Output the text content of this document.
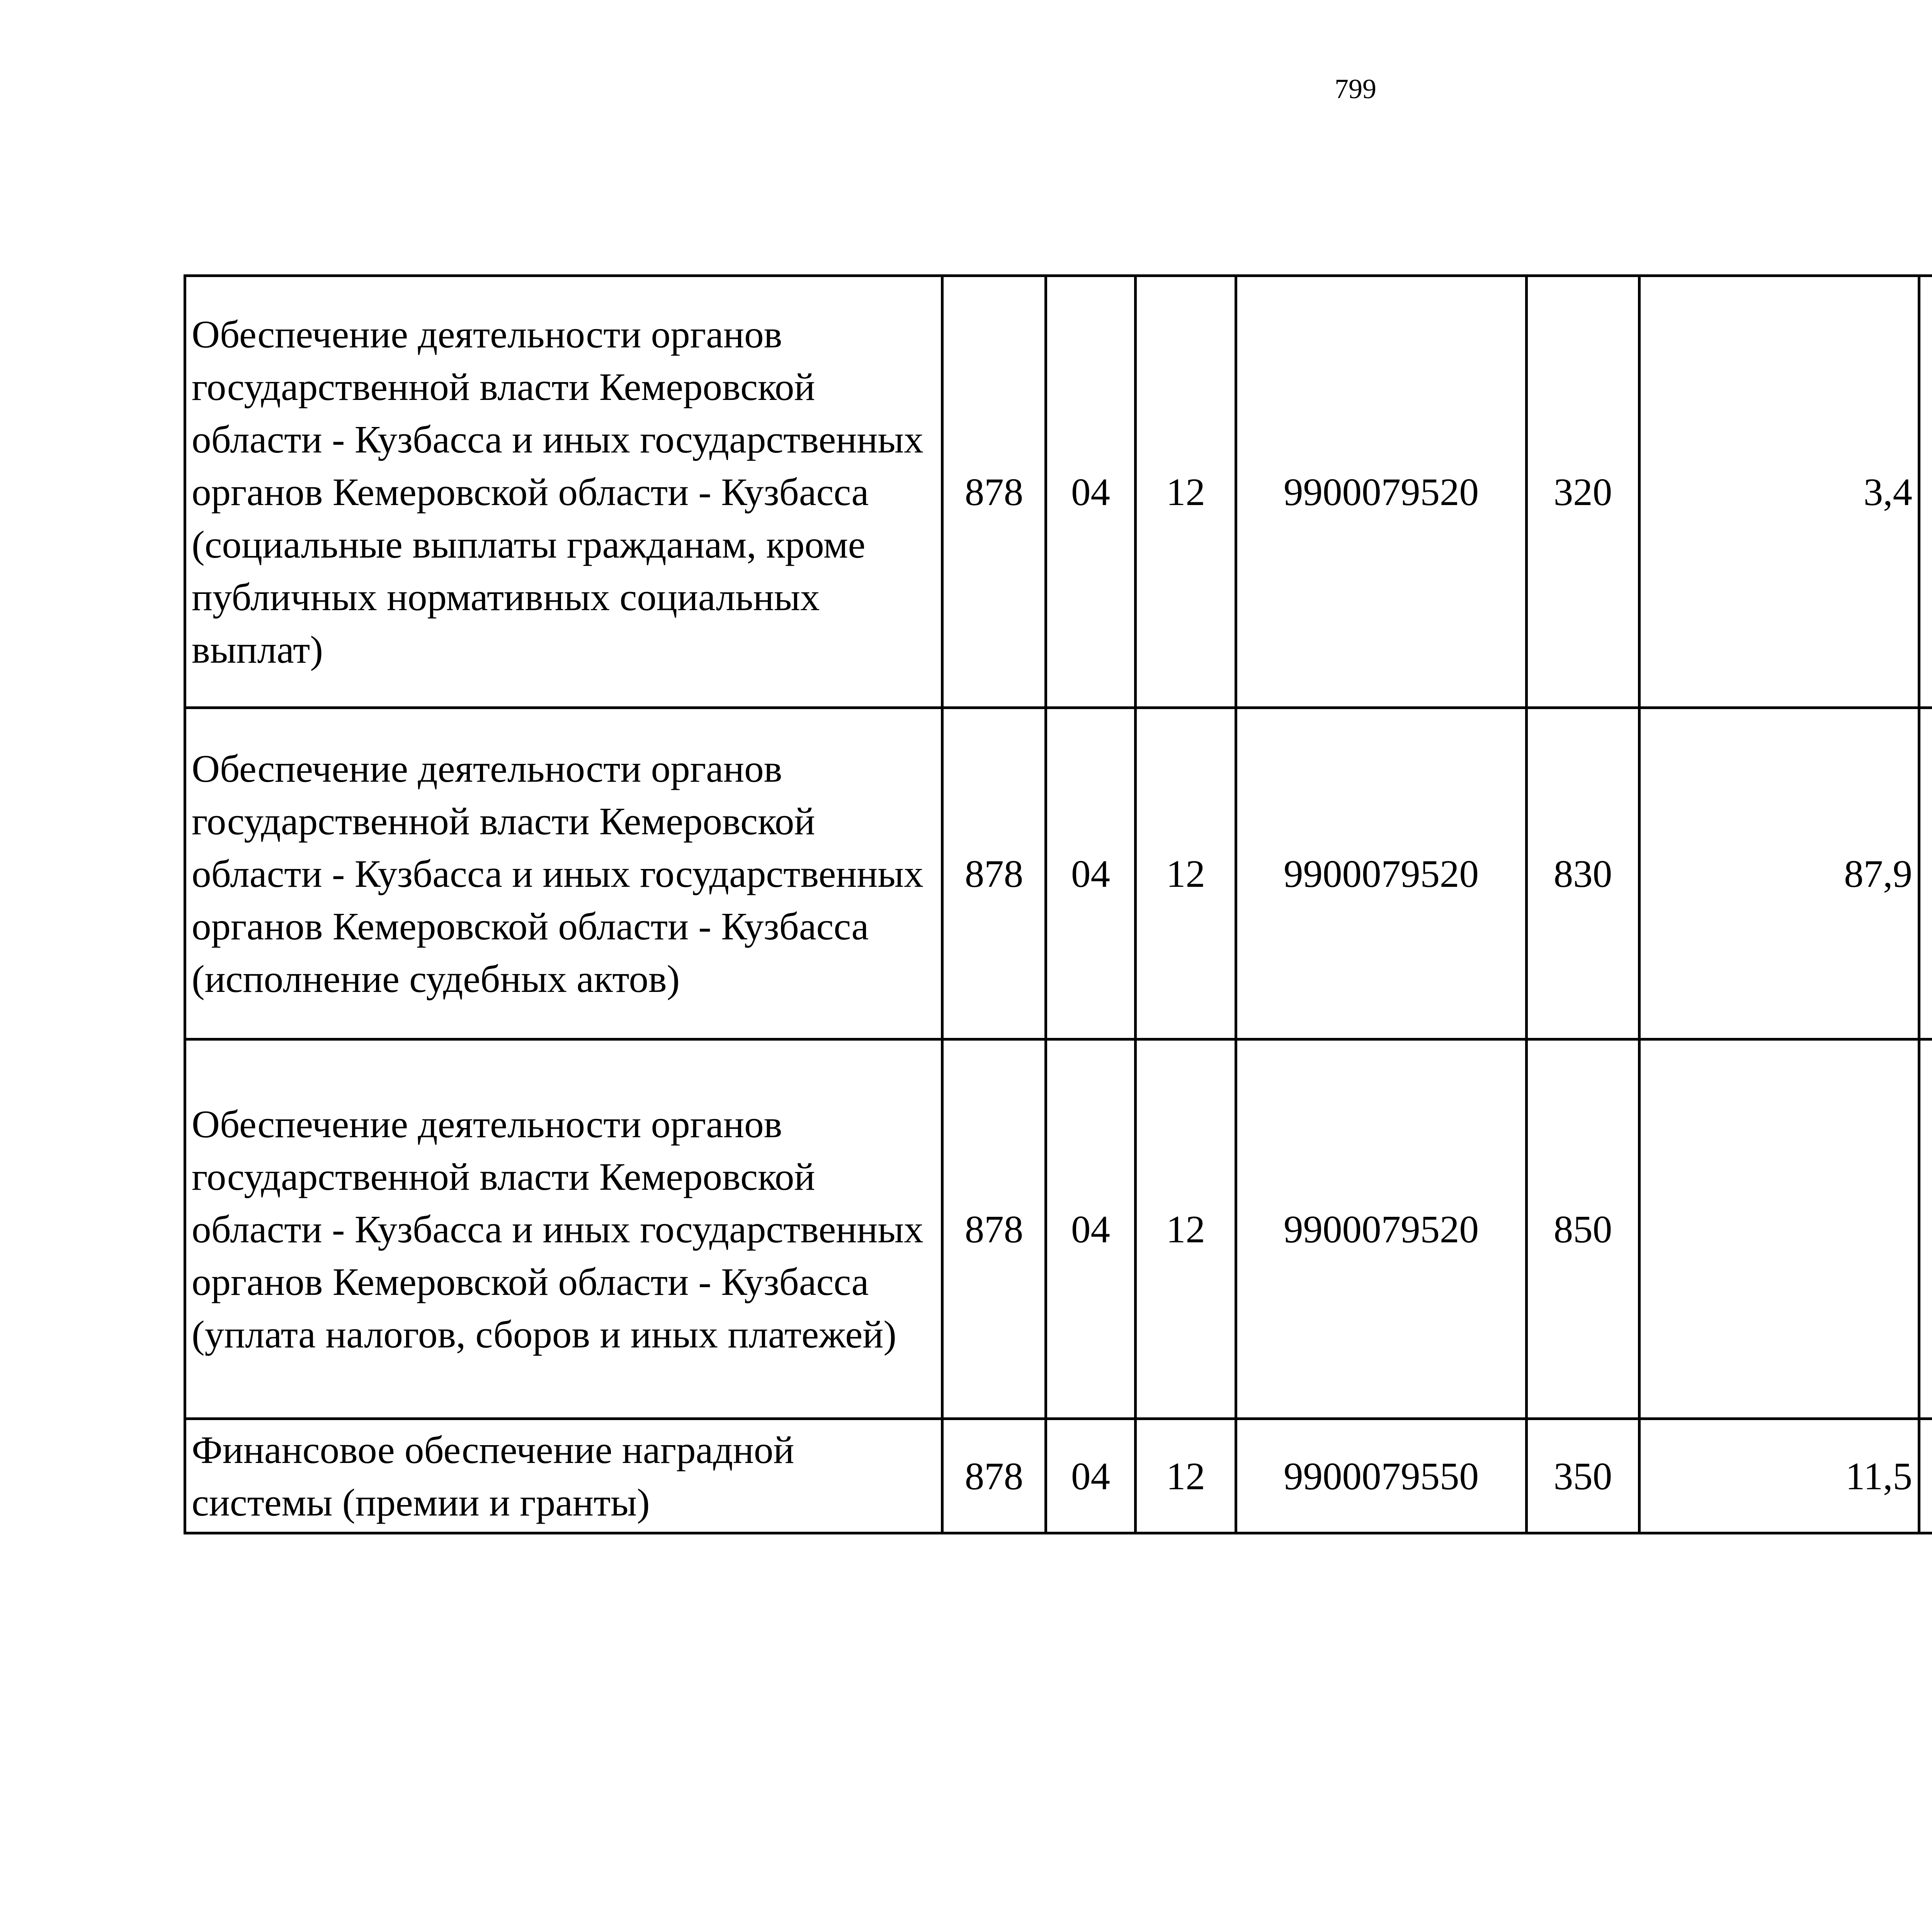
799
Обеспечение деятельности органов государственной власти Кемеровской области - Кузбасса и иных государственных органов Кемеровской области - Кузбасса (социальные выплаты гражданам, кроме публичных нормативных социальных выплат)	878	04	12	9900079520	320	3,4		
Обеспечение деятельности органов государственной власти Кемеровской области - Кузбасса и иных государственных органов Кемеровской области - Кузбасса (исполнение судебных актов)	878	04	12	9900079520	830	87,9		
Обеспечение деятельности органов государственной власти Кемеровской области - Кузбасса и иных государственных органов Кемеровской области - Кузбасса (уплата налогов, сборов и иных платежей)	878	04	12	9900079520	850			
Финансовое обеспечение наградной системы (премии и гранты)	878	04	12	9900079550	350	11,5		
